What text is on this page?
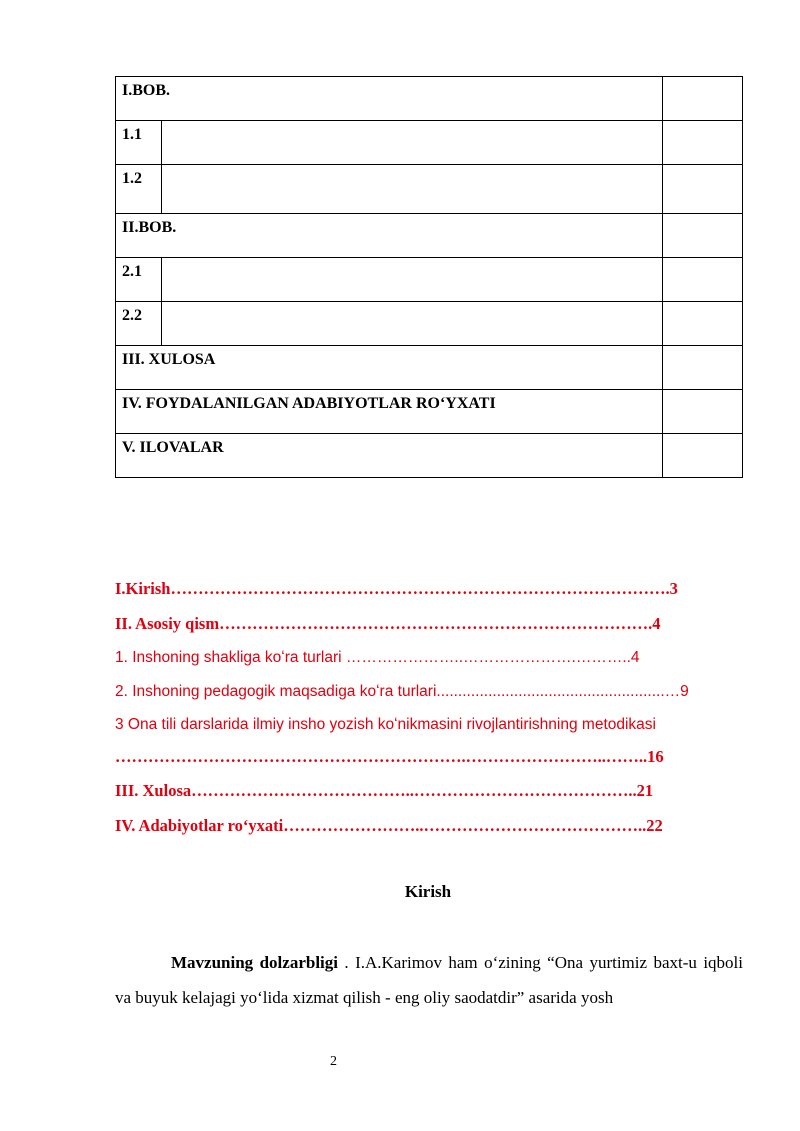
I.BOB.		

1.1		

1.2		

II.BOB.		

2.1		

2.2		

III. XULOSA		

IV. FOYDALANILGAN ADABIYOTLAR ROʻYXATI		

V. ILOVALAR		

I.Kirish……………………………………………………………………………….3
II. Asosiy qism…………………………………………………………………….4
1. Inshoning shakliga koʻra turlari …………………..………………….………..4
2. Inshoning pedagogik maqsadiga koʻra turlari.....................................................…9
3 Ona tili darslarida ilmiy insho yozish koʻnikmasini rivojlantirishning metodikasi
……………………………………………………….……………………..……..16
III. Xulosa…………………………………..…………………………………..21
IV. Adabiyotlar roʻyxati……………………..…………………………………..22
Kirish
Mavzuning dolzarbligi . I.A.Karimov ham oʻzining “Ona yurtimiz baxt-u iqboli va buyuk kelajagi yoʻlida xizmat qilish - eng oliy saodatdir” asarida yosh
2
